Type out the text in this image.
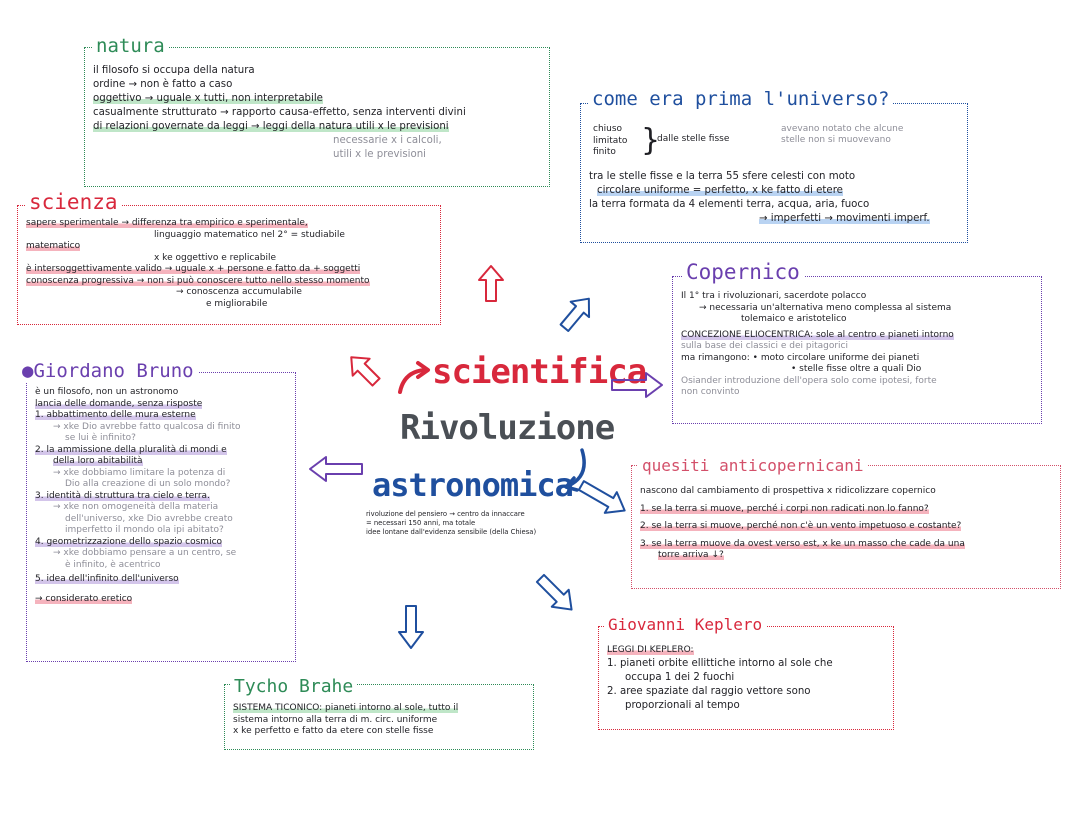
il filosofo si occupa della natura
ordine → non è fatto a caso
oggettivo → uguale x tutti, non interpretabile
casualmente strutturato → rapporto causa-effetto, senza interventi divini
di relazioni governate da leggi → leggi della natura utili x le previsioni
necessarie x i calcoli,
utili x le previsioni
natura
sapere sperimentale → differenza tra empirico e sperimentale,
linguaggio matematico nel 2° = studiabile
matematico
x ke oggettivo e replicabile
è intersoggettivamente valido → uguale x + persone e fatto da + soggetti
conoscenza progressiva → non si può conoscere tutto nello stesso momento
→ conoscenza accumulabile
e migliorabile
scienza
chiuso
limitato
finito }
dalle stelle fisse
avevano notato che alcune
stelle non si muovevano
tra le stelle fisse e la terra 55 sfere celesti con moto
circolare uniforme = perfetto, x ke fatto di etere
la terra formata da 4 elementi terra, acqua, aria, fuoco
→ imperfetti → movimenti imperf.
come era prima l'universo?
Il 1° tra i rivoluzionari, sacerdote polacco
→ necessaria un'alternativa meno complessa al sistema
tolemaico e aristotelico
CONCEZIONE ELIOCENTRICA: sole al centro e pianeti intorno
sulla base dei classici e dei pitagorici
ma rimangono: • moto circolare uniforme dei pianeti
• stelle fisse oltre a quali Dio
Osiander introduzione dell'opera solo come ipotesi, forte
non convinto
Copernico
è un filosofo, non un astronomo
lancia delle domande, senza risposte
1. abbattimento delle mura esterne
→ xke Dio avrebbe fatto qualcosa di finito
se lui è infinito?
2. la ammissione della pluralità di mondi e
della loro abitabilità
→ xke dobbiamo limitare la potenza di
Dio alla creazione di un solo mondo?
3. identità di struttura tra cielo e terra.
→ xke non omogeneità della materia
dell'universo, xke Dio avrebbe creato
imperfetto il mondo ola ipi abitato?
4. geometrizzazione dello spazio cosmico
→ xke dobbiamo pensare a un centro, se
è infinito, è acentrico
5. idea dell'infinito dell'universo
→ considerato eretico
●Giordano Bruno
nascono dal cambiamento di prospettiva x ridicolizzare copernico
1. se la terra si muove, perché i corpi non radicati non lo fanno?
2. se la terra si muove, perché non c'è un vento impetuoso e costante?
3. se la terra muove da ovest verso est, x ke un masso che cade da una
torre arriva ↓?
quesiti anticopernicani
LEGGI DI KEPLERO:
1. pianeti orbite ellittiche intorno al sole che
occupa 1 dei 2 fuochi
2. aree spaziate dal raggio vettore sono
proporzionali al tempo
Giovanni Keplero
SISTEMA TICONICO: pianeti intorno al sole, tutto il
sistema intorno alla terra di m. circ. uniforme
x ke perfetto e fatto da etere con stelle fisse
Tycho Brahe
scientifica
Rivoluzione
astronomica
rivoluzione del pensiero → centro da innaccare
= necessari 150 anni, ma totale
idee lontane dall'evidenza sensibile (della Chiesa)
